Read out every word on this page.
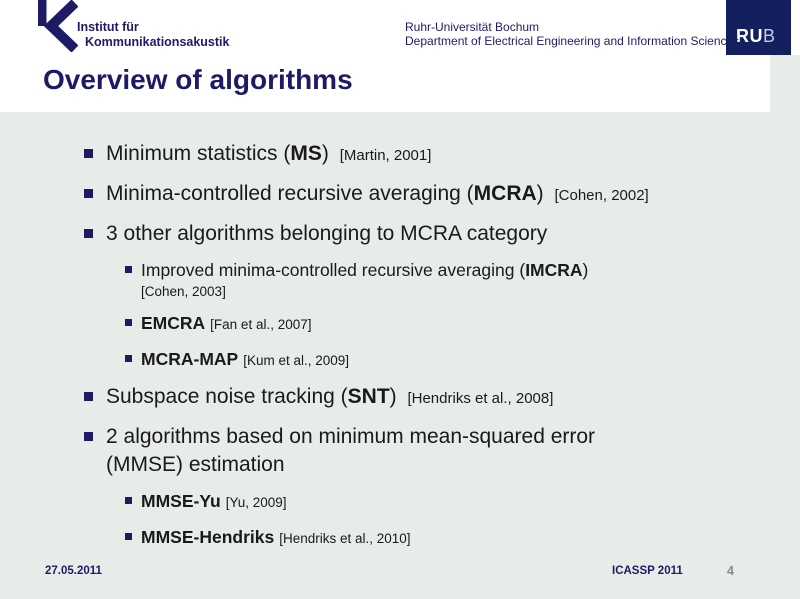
Institut für
Kommunikationsakustik
Ruhr-Universität Bochum
Department of Electrical Engineering and Information Sciences
RUB
Overview of algorithms
Minimum statistics (MS) [Martin, 2001]
Minima-controlled recursive averaging (MCRA) [Cohen, 2002]
3 other algorithms belonging to MCRA category
Improved minima-controlled recursive averaging (IMCRA)
[Cohen, 2003]
EMCRA [Fan et al., 2007]
MCRA-MAP [Kum et al., 2009]
Subspace noise tracking (SNT) [Hendriks et al., 2008]
2 algorithms based on minimum mean-squared error
(MMSE) estimation
MMSE-Yu [Yu, 2009]
MMSE-Hendriks [Hendriks et al., 2010]
27.05.2011	ICASSP 2011	4
